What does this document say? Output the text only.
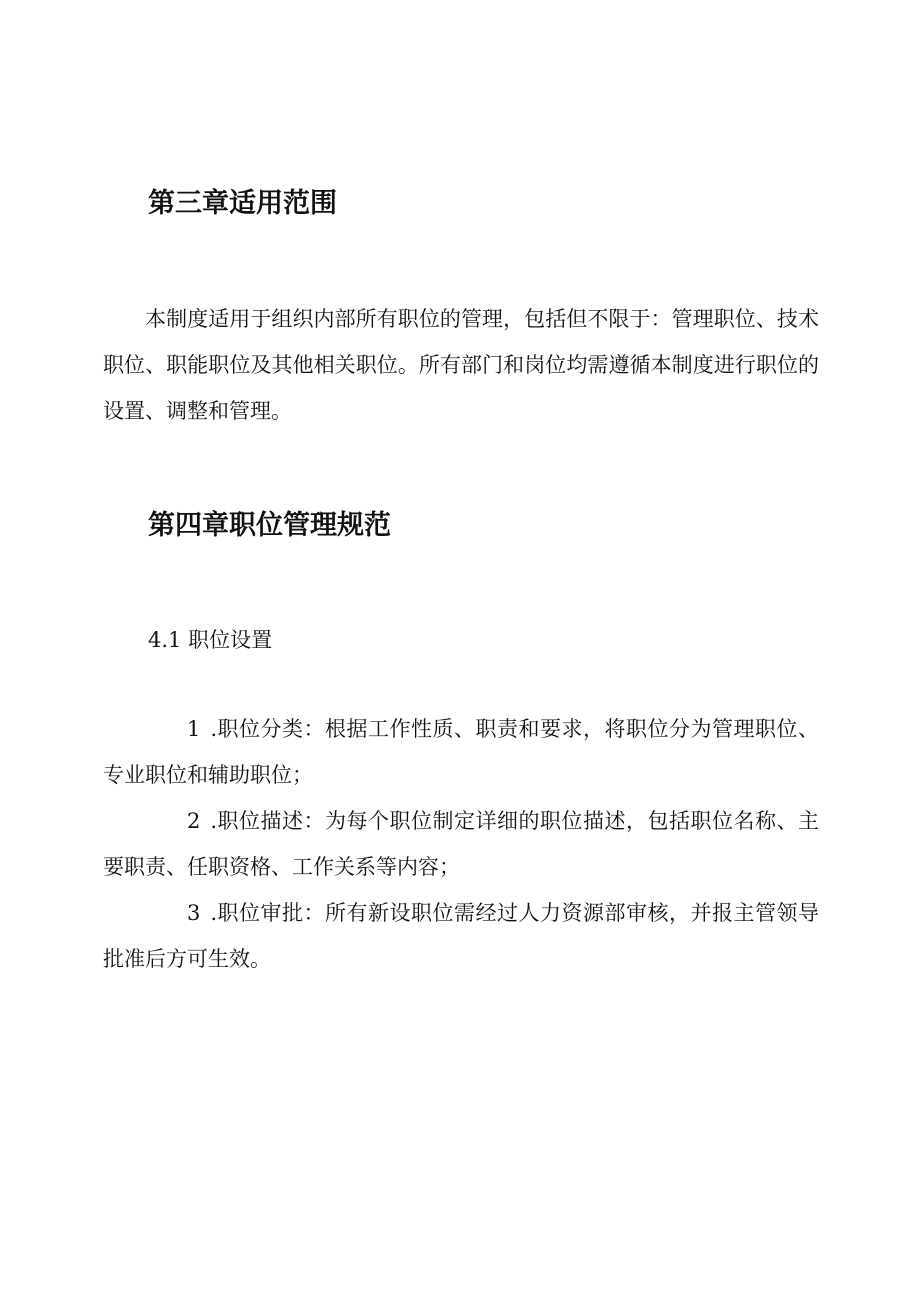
第三章适用范围

本制度适用于组织内部所有职位的管理，包括但不限于：管理职位、技术职位、职能职位及其他相关职位。所有部门和岗位均需遵循本制度进行职位的设置、调整和管理。

第四章职位管理规范
4.1 职位设置

1 .职位分类：根据工作性质、职责和要求，将职位分为管理职位、专业职位和辅助职位；

2 .职位描述：为每个职位制定详细的职位描述，包括职位名称、主要职责、任职资格、工作关系等内容；

3 .职位审批：所有新设职位需经过人力资源部审核，并报主管领导批准后方可生效。
